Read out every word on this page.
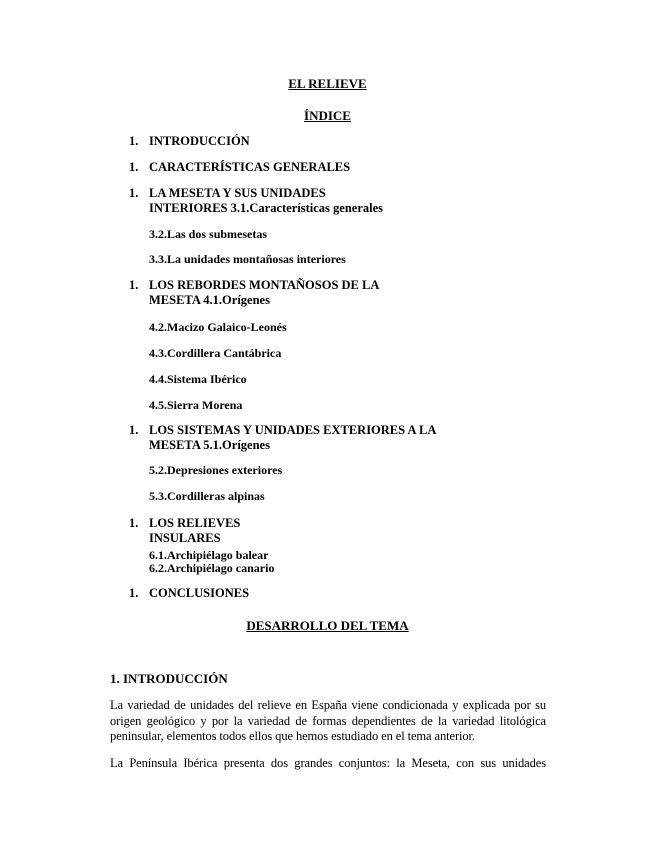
EL RELIEVE
ÍNDICE
1. INTRODUCCIÓN
1. CARACTERÍSTICAS GENERALES
1. LA MESETA Y SUS UNIDADES
INTERIORES 3.1.Características generales
3.2.Las dos submesetas
3.3.La unidades montañosas interiores
1. LOS REBORDES MONTAÑOSOS DE LA
MESETA 4.1.Orígenes
4.2.Macizo Galaico-Leonés
4.3.Cordillera Cantábrica
4.4.Sistema Ibérico
4.5.Sierra Morena
1. LOS SISTEMAS Y UNIDADES EXTERIORES A LA
MESETA 5.1.Orígenes
5.2.Depresiones exteriores
5.3.Cordilleras alpinas
1. LOS RELIEVES
INSULARES
6.1.Archipiélago balear
6.2.Archipiélago canario
1. CONCLUSIONES
DESARROLLO DEL TEMA
1. INTRODUCCIÓN
La variedad de unidades del relieve en España viene condicionada y explicada por su origen geológico y por la variedad de formas dependientes de la variedad litológica peninsular, elementos todos ellos que hemos estudiado en el tema anterior.
La Península Ibérica presenta dos grandes conjuntos: la Meseta, con sus unidades
